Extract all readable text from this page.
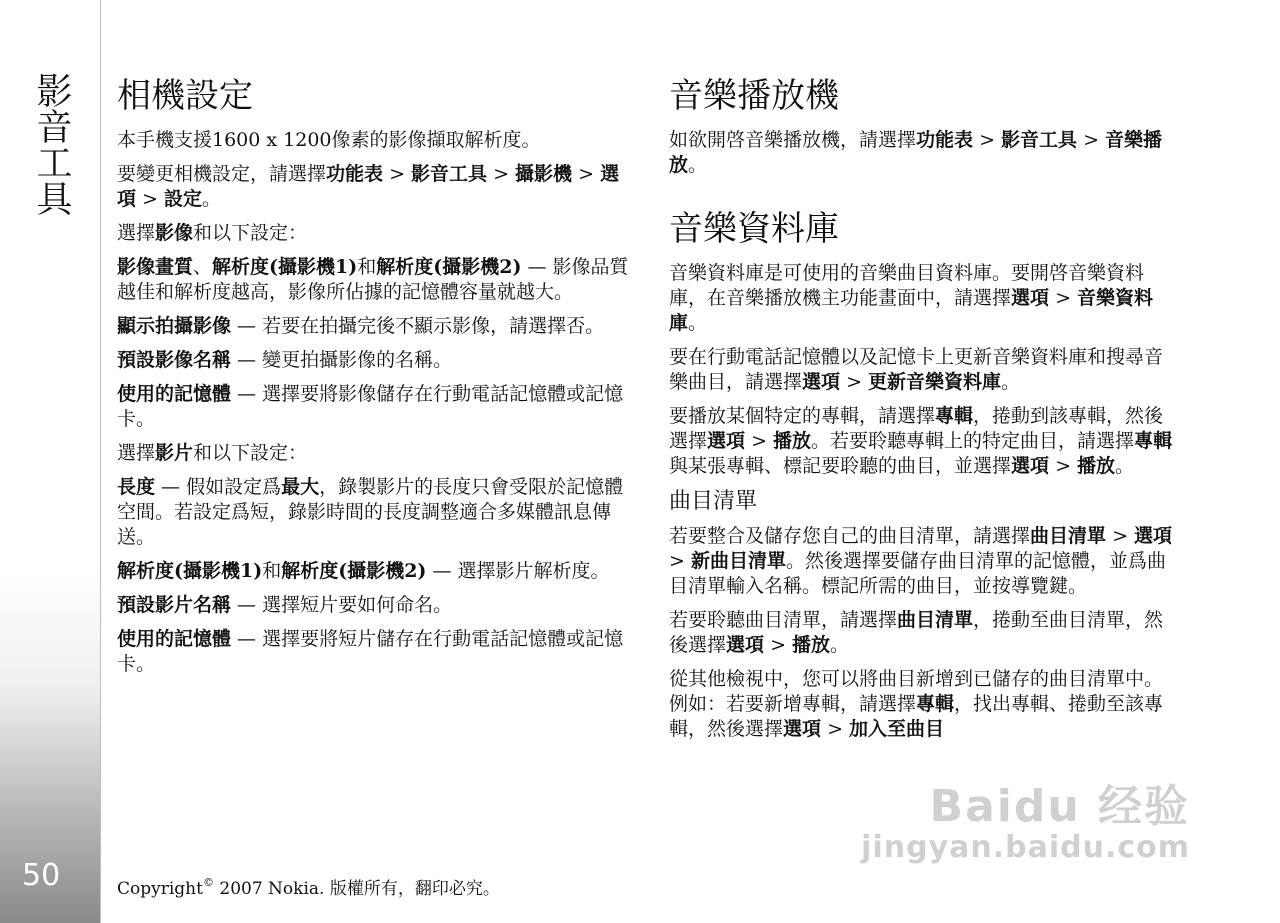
影音工具
50
相機設定

本手機支援1600 x 1200像素的影像擷取解析度。

要變更相機設定，請選擇功能表 > 影音工具 > 攝影機 > 選項 > 設定。

選擇影像和以下設定：

影像畫質、解析度(攝影機1)和解析度(攝影機2) — 影像品質越佳和解析度越高，影像所佔據的記憶體容量就越大。

顯示拍攝影像 — 若要在拍攝完後不顯示影像，請選擇否。

預設影像名稱 — 變更拍攝影像的名稱。

使用的記憶體 — 選擇要將影像儲存在行動電話記憶體或記憶卡。

選擇影片和以下設定：

長度 — 假如設定爲最大，錄製影片的長度只會受限於記憶體空間。若設定爲短，錄影時間的長度調整適合多媒體訊息傳送。

解析度(攝影機1)和解析度(攝影機2) — 選擇影片解析度。

預設影片名稱 — 選擇短片要如何命名。

使用的記憶體 — 選擇要將短片儲存在行動電話記憶體或記憶卡。

音樂播放機

如欲開啓音樂播放機，請選擇功能表 > 影音工具 > 音樂播放。

音樂資料庫

音樂資料庫是可使用的音樂曲目資料庫。要開啓音樂資料庫，在音樂播放機主功能畫面中，請選擇選項 > 音樂資料庫。

要在行動電話記憶體以及記憶卡上更新音樂資料庫和搜尋音樂曲目，請選擇選項 > 更新音樂資料庫。

要播放某個特定的專輯，請選擇專輯，捲動到該專輯，然後選擇選項 > 播放。若要聆聽專輯上的特定曲目，請選擇專輯與某張專輯、標記要聆聽的曲目，並選擇選項 > 播放。

曲目清單

若要整合及儲存您自己的曲目清單，請選擇曲目清單 > 選項 > 新曲目清單。然後選擇要儲存曲目清單的記憶體，並爲曲目清單輸入名稱。標記所需的曲目，並按導覽鍵。

若要聆聽曲目清單，請選擇曲目清單，捲動至曲目清單，然後選擇選項 > 播放。

從其他檢視中，您可以將曲目新增到已儲存的曲目清單中。例如：若要新增專輯，請選擇專輯，找出專輯、捲動至該專輯，然後選擇選項 > 加入至曲目

Copyright© 2007 Nokia. 版權所有，翻印必究。
Baidu 经验
jingyan.baidu.com
